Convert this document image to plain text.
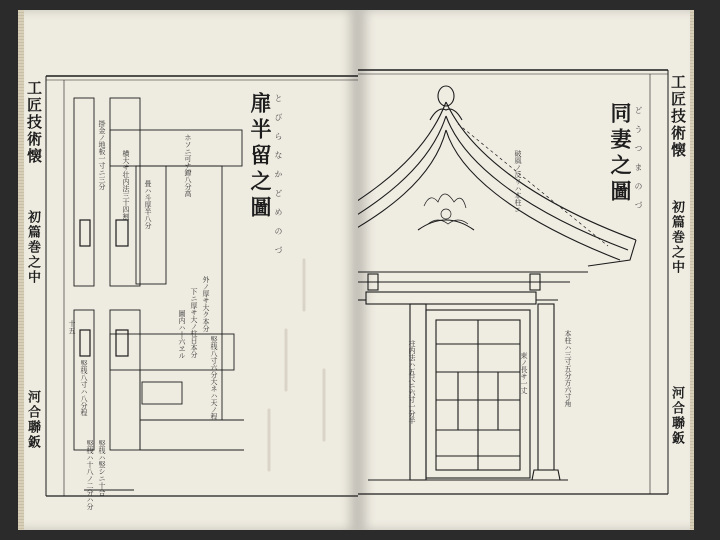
工匠技術懐
初篇巻之中
河合聯鈑
扉半留之圖 とびらなかどめのづ
ホソニ可ナ鐐八分高
掛金ノ地板一寸ニ三分 横大サ壮内法三十四割 畳ハ斗厚半八分
下ニ厚サ大ノ柱日本分 外ノ厚サ大ク本分
圖内ハ十六ヱル
竪桟八寸六分大ネハ天ノ程
竪桟八寸ハ八分程
竪桟ハ十八ノ二分ハ分 竪桟ハ竪シニ十合
十五
同妻之圖 どうつまのづ 工匠技術懐
初篇巻之中
河合聯鈑
破風ノ反リハ本柱ニ
本柱ハ三寸五分方六寸角
柱内法ハ五尺ニ六寸一分半	束ノ長サ一丈
